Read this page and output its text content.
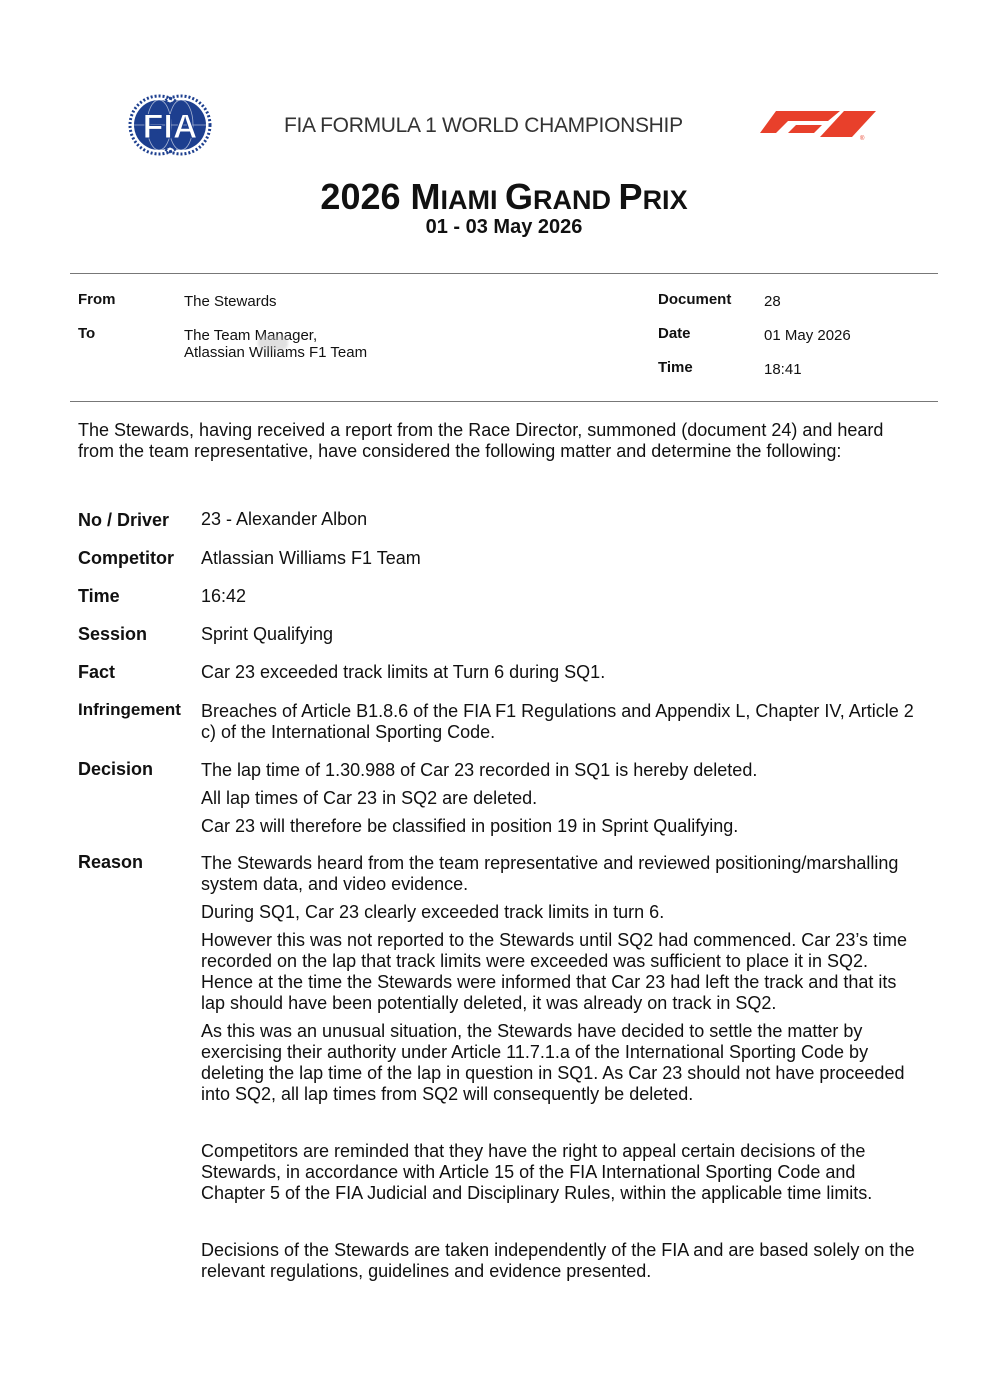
FIA	FIA FORMULA 1 WORLD CHAMPIONSHIP
®
2026 MIAMI GRAND PRIX
01 - 03 May 2026
From	The Stewards
To	The Team Manager,
Atlassian Williams F1 Team
Document 28
Date	01 May 2026
Time	18:41
The Stewards, having received a report from the Race Director, summoned (document 24) and heard from the team representative, have considered the following matter and determine the following:
No / Driver 23 - Alexander Albon
Competitor Atlassian Williams F1 Team
Time	16:42
Session	Sprint Qualifying
Fact	Car 23 exceeded track limits at Turn 6 during SQ1.
Infringement Breaches of Article B1.8.6 of the FIA F1 Regulations and Appendix L, Chapter IV, Article 2 c) of the International Sporting Code.
Decision	The lap time of 1.30.988 of Car 23 recorded in SQ1 is hereby deleted.

All lap times of Car 23 in SQ2 are deleted.

Car 23 will therefore be classified in position 19 in Sprint Qualifying.

Reason	The Stewards heard from the team representative and reviewed positioning/marshalling system data, and video evidence.

During SQ1, Car 23 clearly exceeded track limits in turn 6.

However this was not reported to the Stewards until SQ2 had commenced. Car 23’s time recorded on the lap that track limits were exceeded was sufficient to place it in SQ2. Hence at the time the Stewards were informed that Car 23 had left the track and that its lap should have been potentially deleted, it was already on track in SQ2.

As this was an unusual situation, the Stewards have decided to settle the matter by exercising their authority under Article 11.7.1.a of the International Sporting Code by deleting the lap time of the lap in question in SQ1. As Car 23 should not have proceeded into SQ2, all lap times from SQ2 will consequently be deleted.

Competitors are reminded that they have the right to appeal certain decisions of the Stewards, in accordance with Article 15 of the FIA International Sporting Code and Chapter 5 of the FIA Judicial and Disciplinary Rules, within the applicable time limits.
Decisions of the Stewards are taken independently of the FIA and are based solely on the relevant regulations, guidelines and evidence presented.
